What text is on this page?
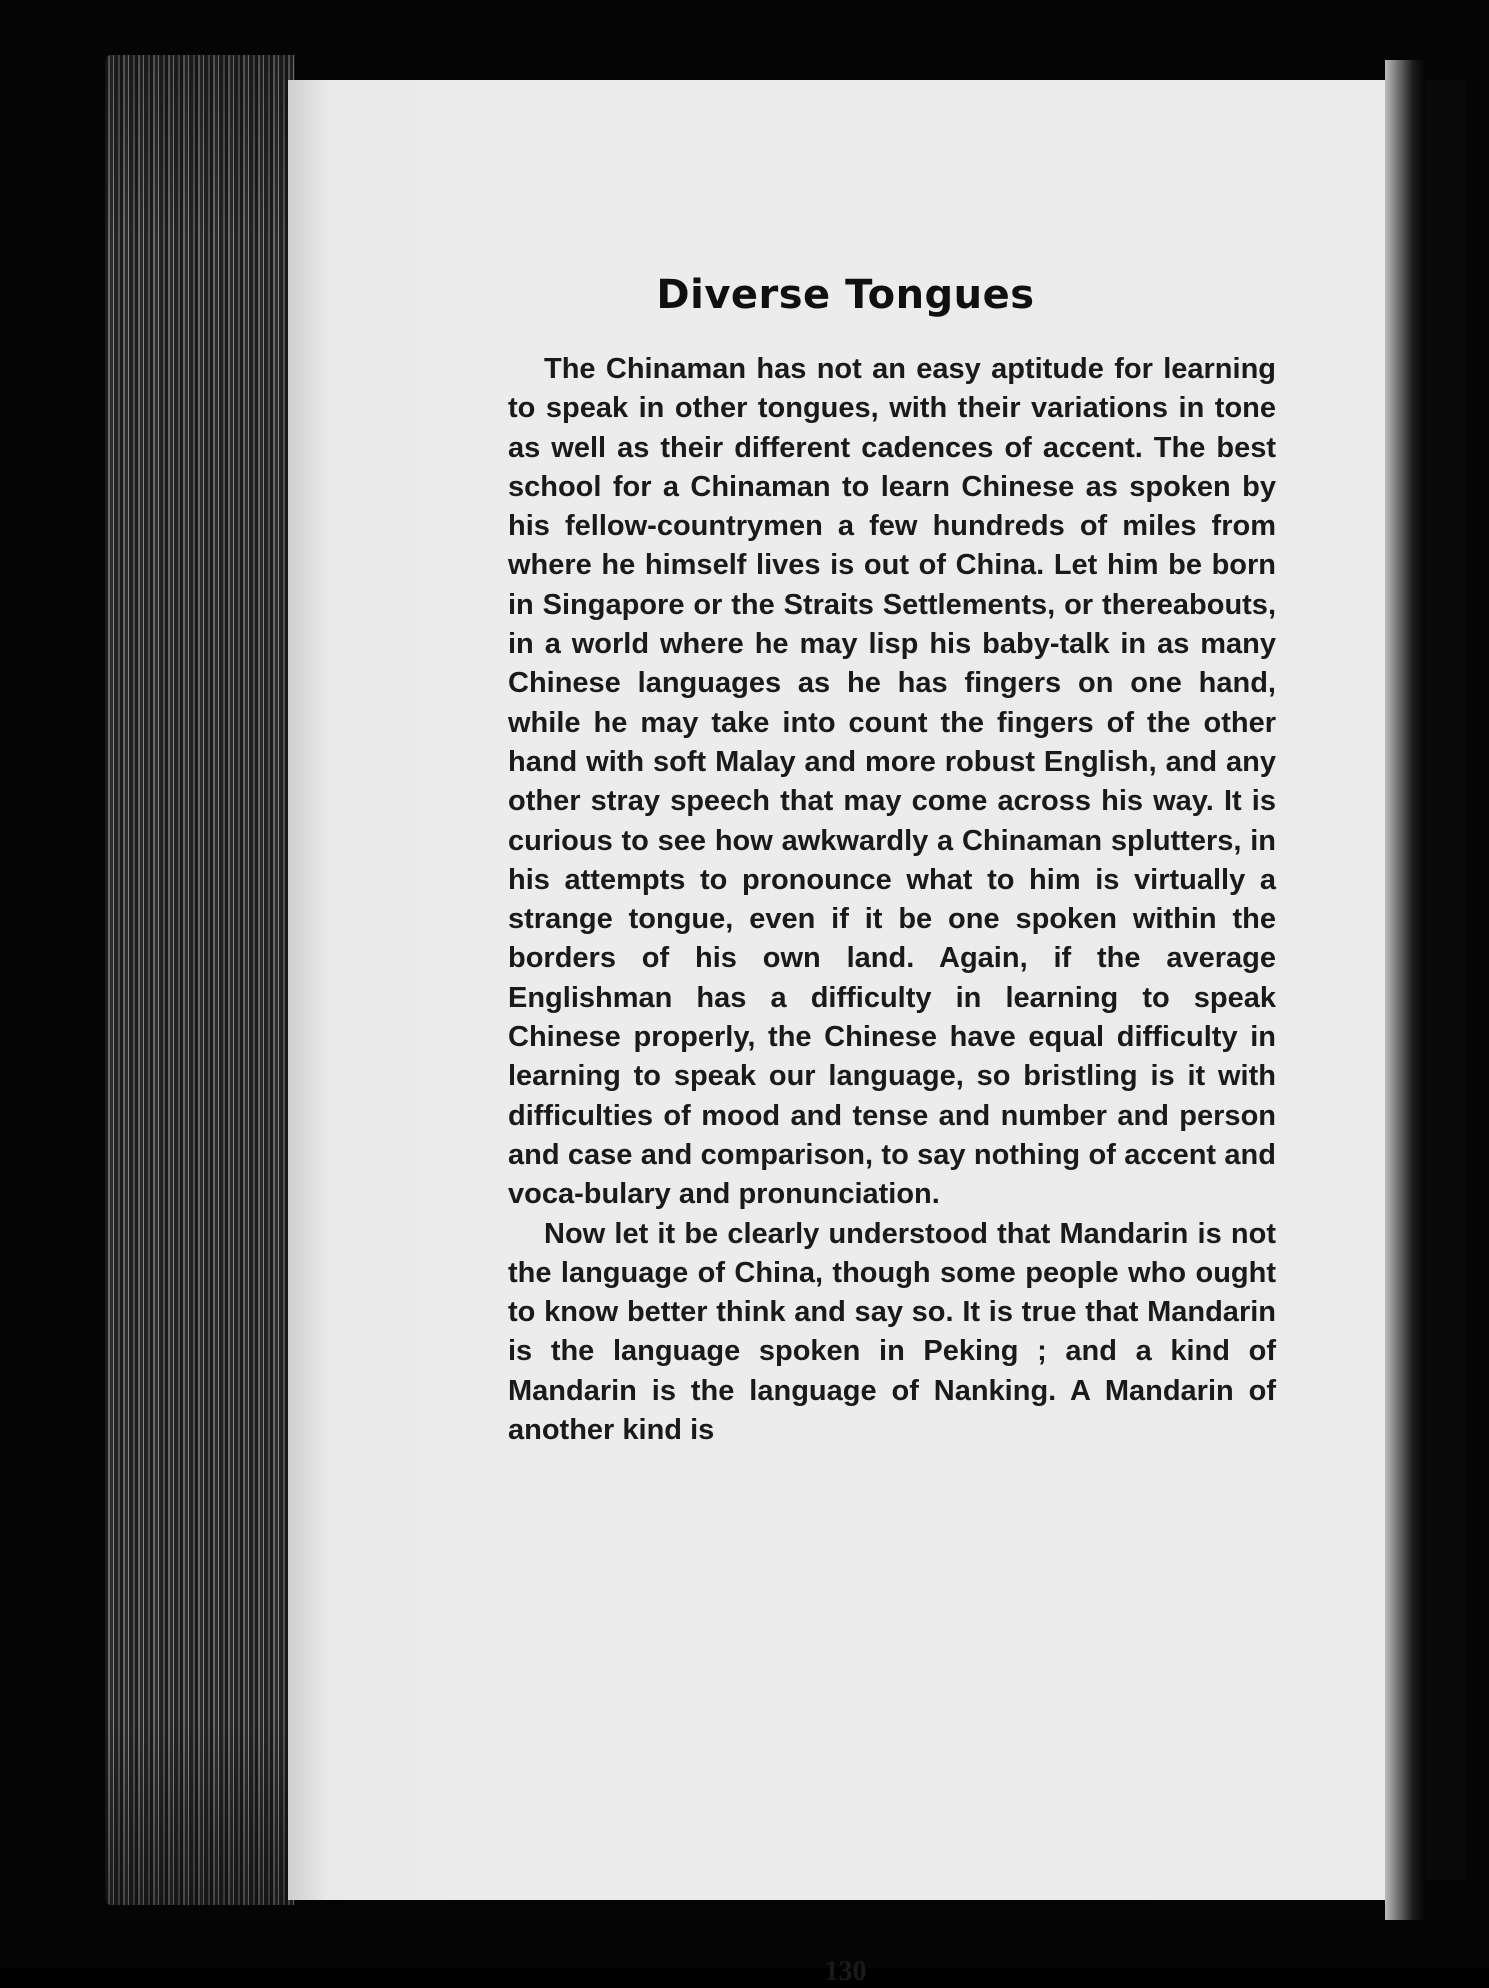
Diverse Tongues

The Chinaman has not an easy aptitude for learning to speak in other tongues, with their variations in tone as well as their different cadences of accent. The best school for a Chinaman to learn Chinese as spoken by his fellow-countrymen a few hundreds of miles from where he himself lives is out of China. Let him be born in Singapore or the Straits Settlements, or thereabouts, in a world where he may lisp his baby-talk in as many Chinese languages as he has fingers on one hand, while he may take into count the fingers of the other hand with soft Malay and more robust English, and any other stray speech that may come across his way. It is curious to see how awkwardly a Chinaman splutters, in his attempts to pronounce what to him is virtually a strange tongue, even if it be one spoken within the borders of his own land. Again, if the average Englishman has a difficulty in learning to speak Chinese properly, the Chinese have equal difficulty in learning to speak our language, so bristling is it with difficulties of mood and tense and number and person and case and comparison, to say nothing of accent and voca-bulary and pronunciation.

Now let it be clearly understood that Mandarin is not the language of China, though some people who ought to know better think and say so. It is true that Mandarin is the language spoken in Peking ; and a kind of Mandarin is the language of Nanking. A Mandarin of another kind is

130
